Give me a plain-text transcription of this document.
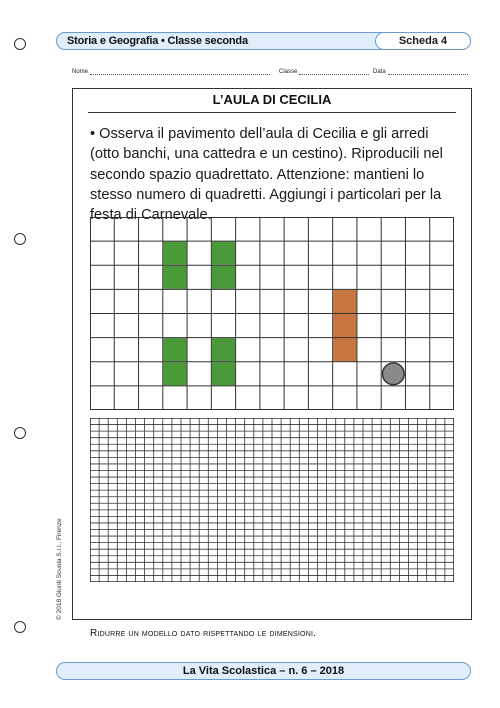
Storia e Geografia • Classe seconda	Scheda 4
Nome	Classe	Data
L’AULA DI CECILIA
• Osserva il pavimento dell’aula di Cecilia e gli arredi (otto banchi, una cattedra e un cestino). Riproducili nel secondo spazio quadrettato. Attenzione: mantieni lo stesso numero di quadretti. Aggiungi i particolari per la festa di Carnevale.
Ridurre un modello dato rispettando le dimensioni.
© 2018 Giunti Scuola S.r.l., Firenze
La Vita Scolastica – n. 6 – 2018
